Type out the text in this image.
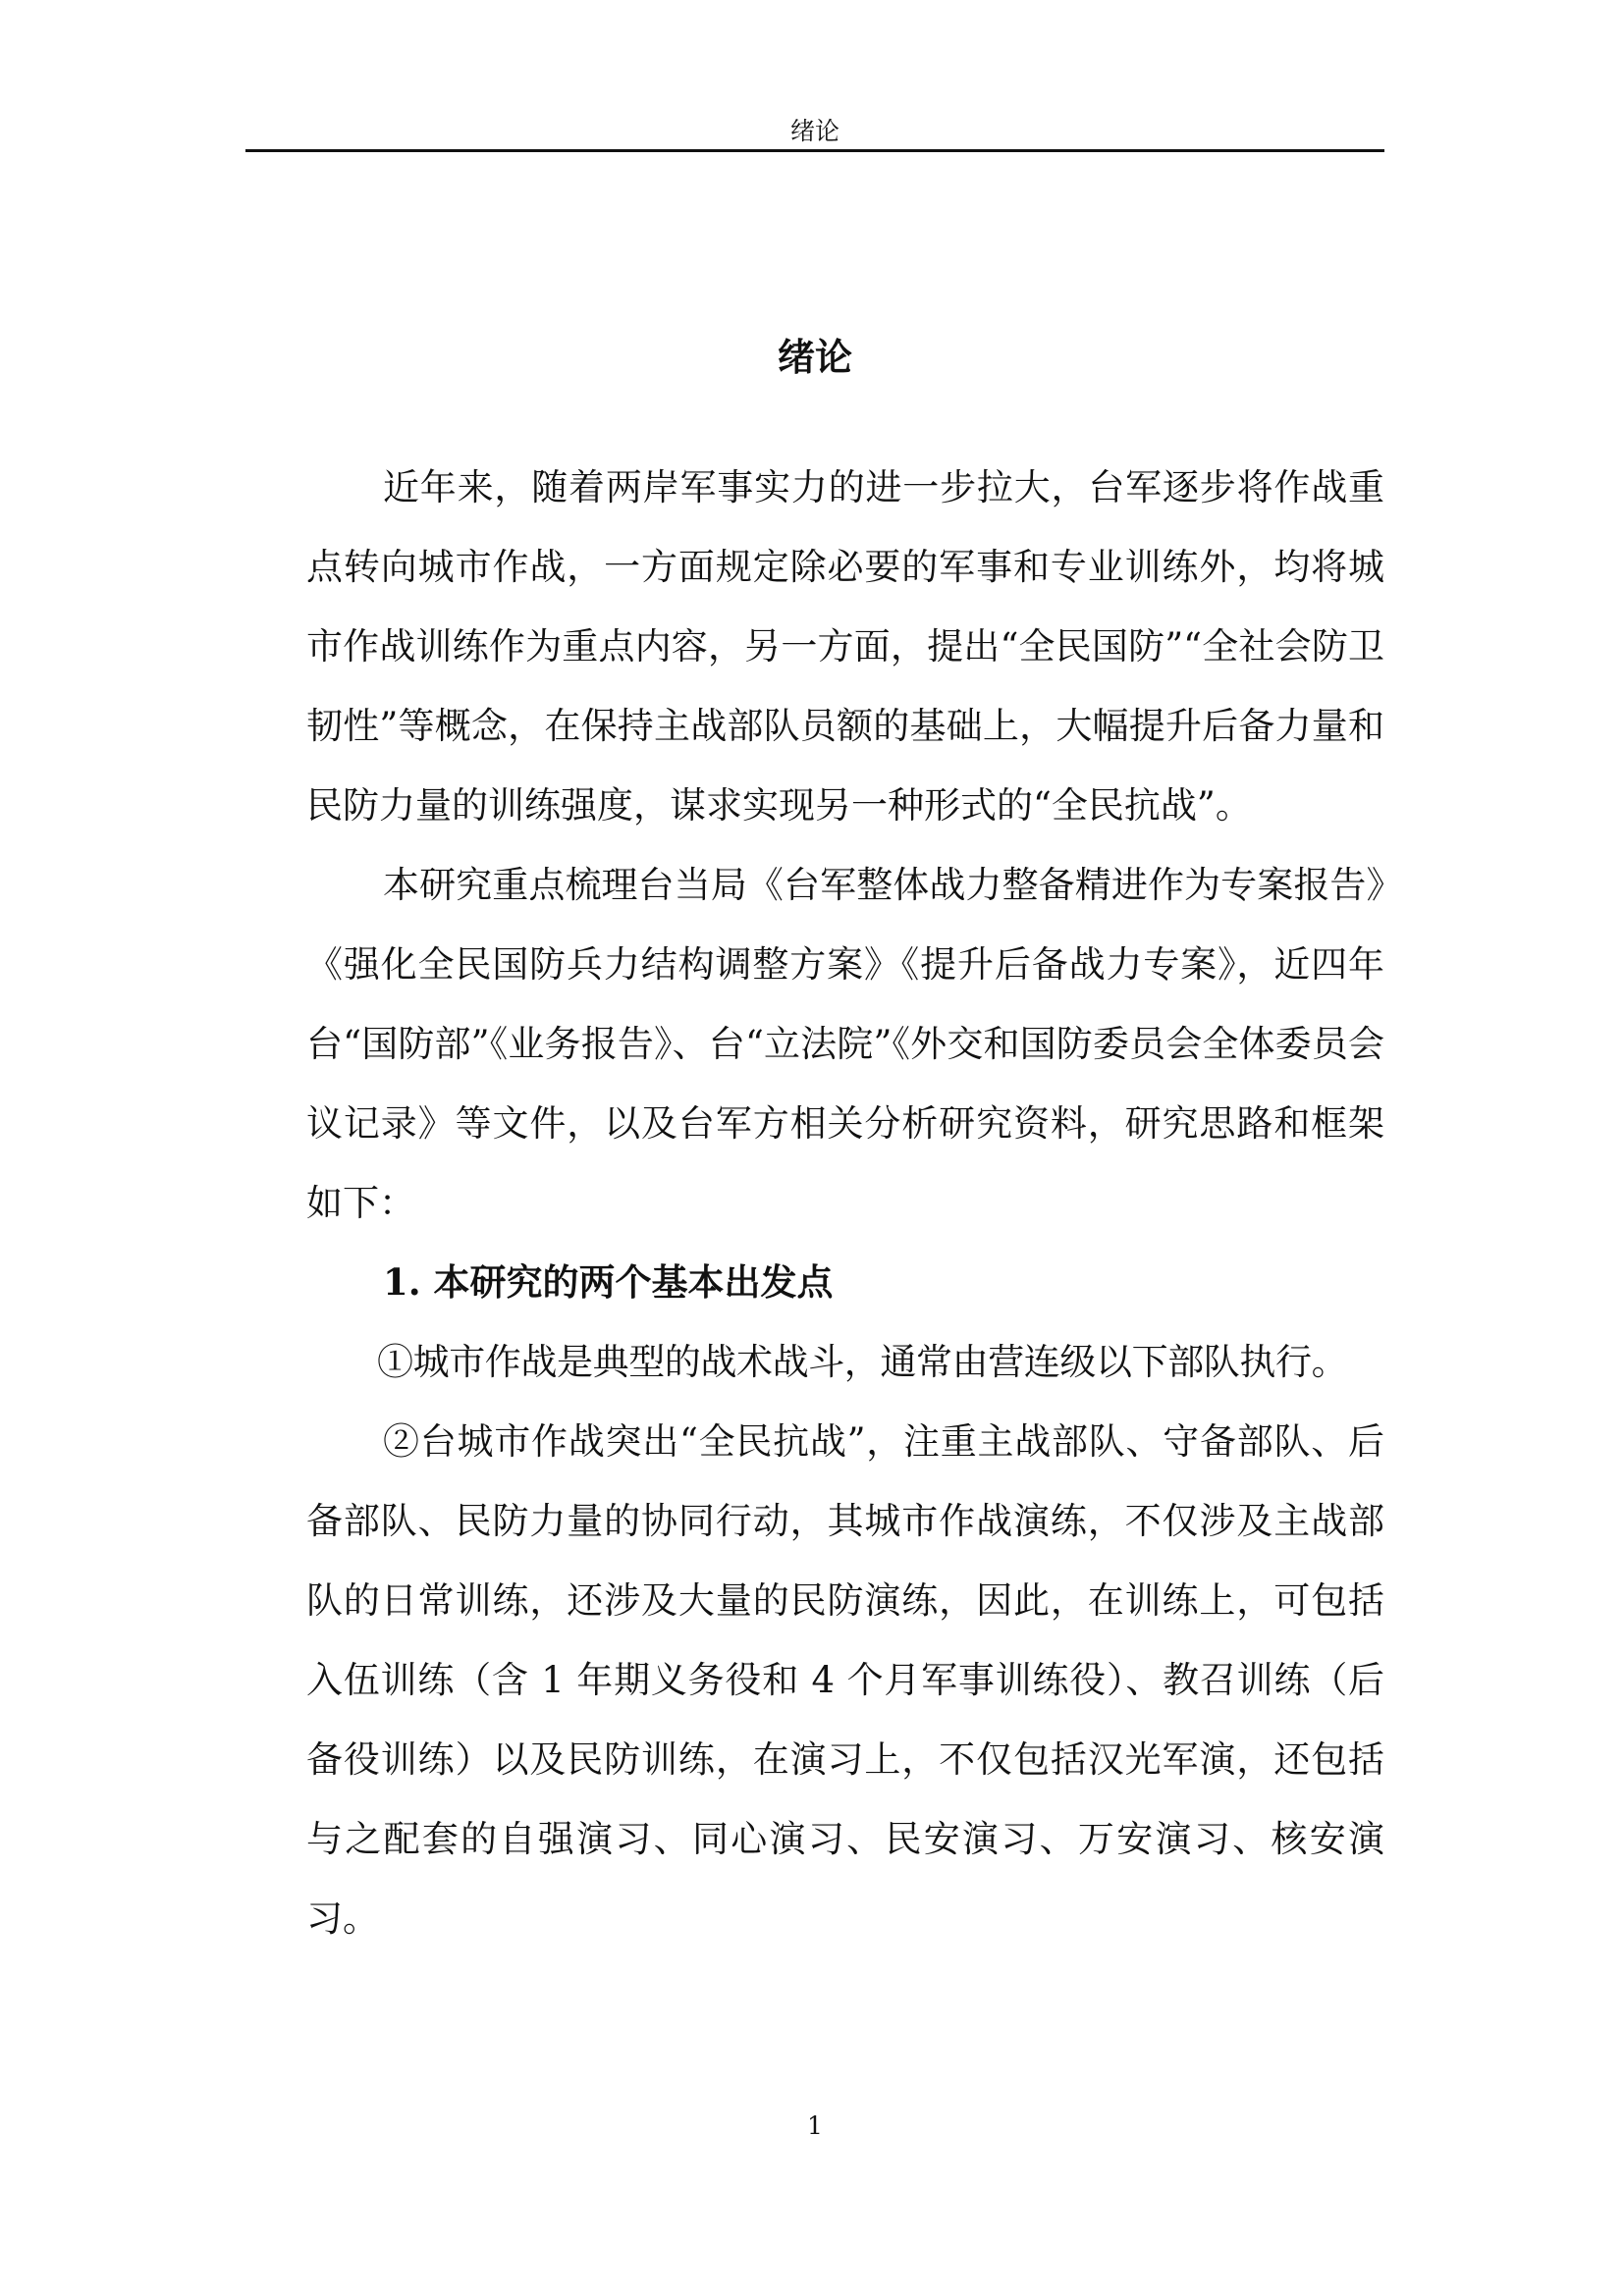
绪论
绪论

近年来，随着两岸军事实力的进一步拉大，台军逐步将作战重点转向城市作战，一方面规定除必要的军事和专业训练外，均将城市作战训练作为重点内容，另一方面，提出“全民国防”“全社会防卫韧性”等概念，在保持主战部队员额的基础上，大幅提升后备力量和民防力量的训练强度，谋求实现另一种形式的“全民抗战”。

本研究重点梳理台当局《台军整体战力整备精进作为专案报告》《强化全民国防兵力结构调整方案》《提升后备战力专案》，近四年台“国防部”《业务报告》、台“立法院”《外交和国防委员会全体委员会议记录》等文件，以及台军方相关分析研究资料，研究思路和框架如下：

1. 本研究的两个基本出发点

①城市作战是典型的战术战斗，通常由营连级以下部队执行。

②台城市作战突出“全民抗战”，注重主战部队、守备部队、后备部队、民防力量的协同行动，其城市作战演练，不仅涉及主战部队的日常训练，还涉及大量的民防演练，因此，在训练上，可包括入伍训练（含 1 年期义务役和 4 个月军事训练役）、教召训练（后备役训练）以及民防训练，在演习上，不仅包括汉光军演，还包括与之配套的自强演习、同心演习、民安演习、万安演习、核安演习。

1
